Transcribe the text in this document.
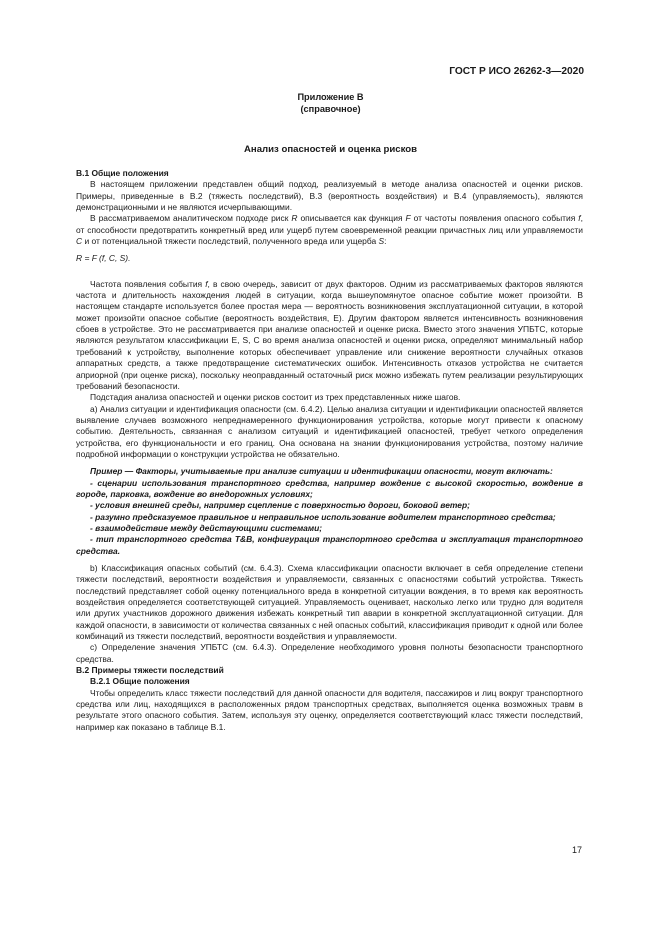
ГОСТ Р ИСО 26262-3—2020
Приложение В
(справочное)
Анализ опасностей и оценка рисков

В.1 Общие положения

В настоящем приложении представлен общий подход, реализуемый в методе анализа опасностей и оценки рисков. Примеры, приведенные в В.2 (тяжесть последствий), В.3 (вероятность воздействия) и В.4 (управляемость), являются демонстрационными и не являются исчерпывающими.

В рассматриваемом аналитическом подходе риск R описывается как функция F от частоты появления опасного события f, от способности предотвратить конкретный вред или ущерб путем своевременной реакции причастных лиц или управляемости C и от потенциальной тяжести последствий, полученного вреда или ущерба S:

R = F (f, C, S).

Частота появления события f, в свою очередь, зависит от двух факторов. Одним из рассматриваемых факторов являются частота и длительность нахождения людей в ситуации, когда вышеупомянутое опасное событие может произойти. В настоящем стандарте используется более простая мера — вероятность возникновения эксплуатационной ситуации, в которой может произойти опасное событие (вероятность воздействия, E). Другим фактором является интенсивность возникновения сбоев в устройстве. Это не рассматривается при анализе опасностей и оценке риска. Вместо этого значения УПБТС, которые являются результатом классификации E, S, C во время анализа опасностей и оценки риска, определяют минимальный набор требований к устройству, выполнение которых обеспечивает управление или снижение вероятности случайных отказов аппаратных средств, а также предотвращение систематических ошибок. Интенсивность отказов устройства не считается априорной (при оценке риска), поскольку неоправданный остаточный риск можно избежать путем реализации результирующих требований безопасности.

Подстадия анализа опасностей и оценки рисков состоит из трех представленных ниже шагов.

а) Анализ ситуации и идентификация опасности (см. 6.4.2). Целью анализа ситуации и идентификации опасностей является выявление случаев возможного непреднамеренного функционирования устройства, которые могут привести к опасному событию. Деятельность, связанная с анализом ситуаций и идентификацией опасностей, требует четкого определения устройства, его функциональности и его границ. Она основана на знании функционирования устройства, поэтому наличие подробной информации о конструкции устройства не обязательно.

Пример — Факторы, учитываемые при анализе ситуации и идентификации опасности, могут включать:

- сценарии использования транспортного средства, например вождение с высокой скоростью, вождение в городе, парковка, вождение во внедорожных условиях;

- условия внешней среды, например сцепление с поверхностью дороги, боковой ветер;

- разумно предсказуемое правильное и неправильное использование водителем транспортного средства;

- взаимодействие между действующими системами;

- тип транспортного средства T&B, конфигурация транспортного средства и эксплуатация транспортного средства.

b) Классификация опасных событий (см. 6.4.3). Схема классификации опасности включает в себя определение степени тяжести последствий, вероятности воздействия и управляемости, связанных с опасностями событий устройства. Тяжесть последствий представляет собой оценку потенциального вреда в конкретной ситуации вождения, в то время как вероятность воздействия определяется соответствующей ситуацией. Управляемость оценивает, насколько легко или трудно для водителя или других участников дорожного движения избежать конкретный тип аварии в конкретной эксплуатационной ситуации. Для каждой опасности, в зависимости от количества связанных с ней опасных событий, классификация приводит к одной или более комбинаций из тяжести последствий, вероятности воздействия и управляемости.

c) Определение значения УПБТС (см. 6.4.3). Определение необходимого уровня полноты безопасности транспортного средства.

В.2 Примеры тяжести последствий

В.2.1 Общие положения

Чтобы определить класс тяжести последствий для данной опасности для водителя, пассажиров и лиц вокруг транспортного средства или лиц, находящихся в расположенных рядом транспортных средствах, выполняется оценка возможных травм в результате этого опасного события. Затем, используя эту оценку, определяется соответствующий класс тяжести последствий, например как показано в таблице В.1.

17
